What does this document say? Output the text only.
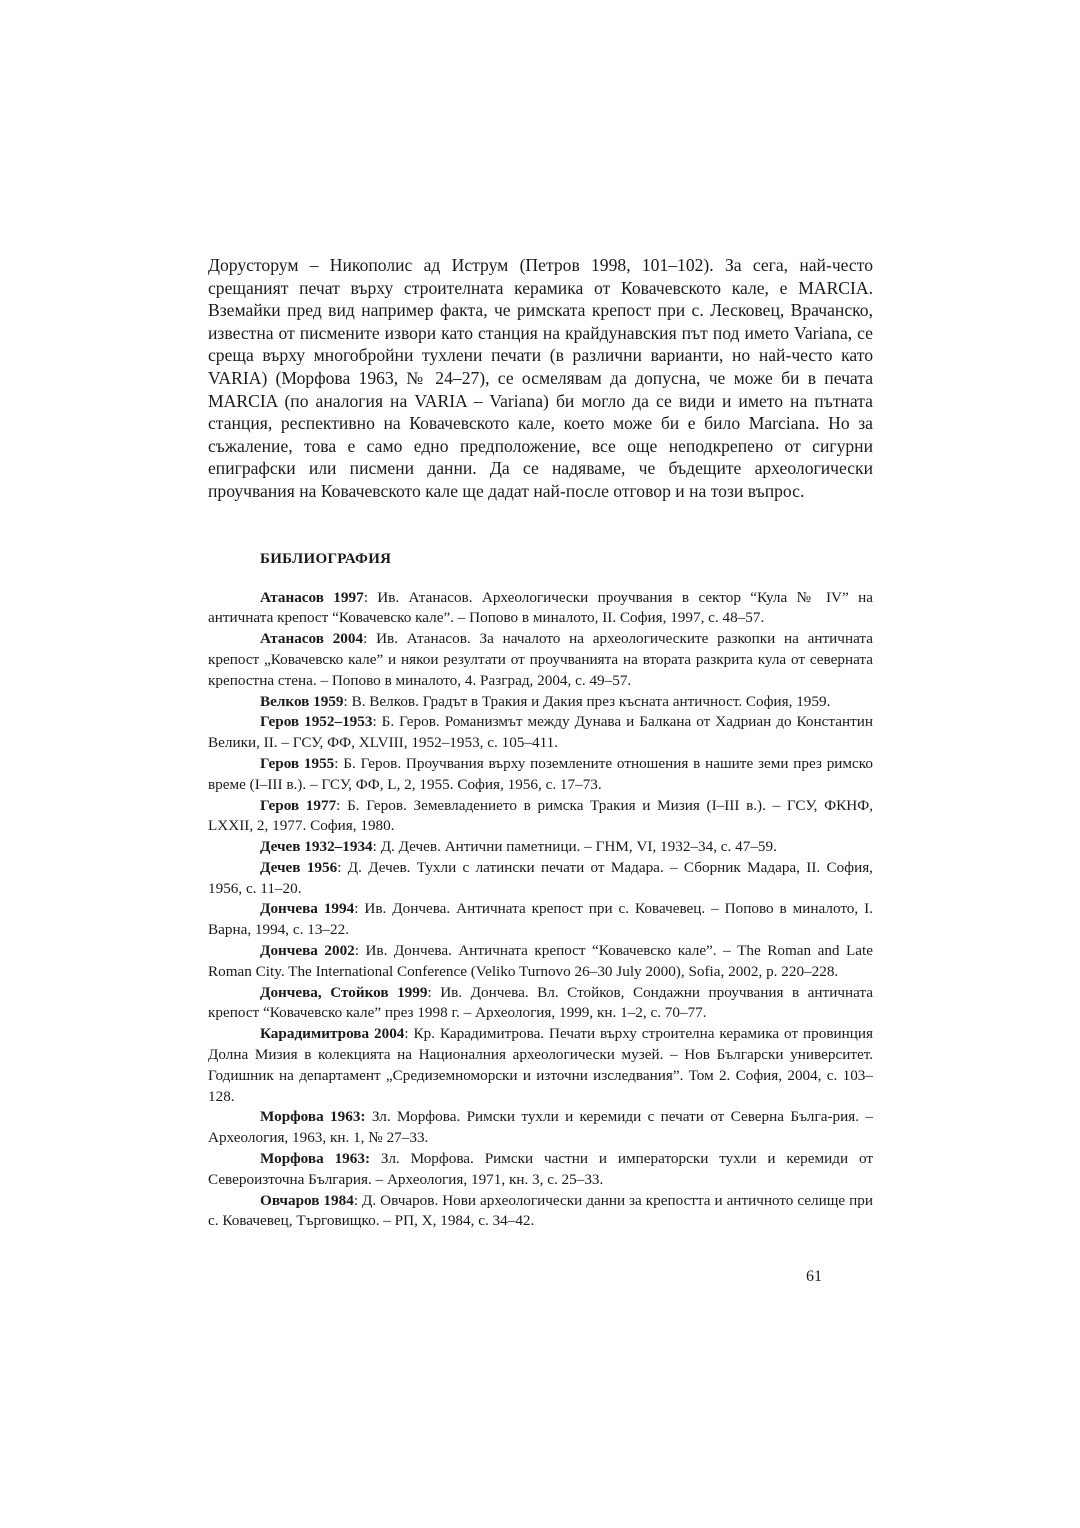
Дорусторум – Никополис ад Иструм (Петров 1998, 101–102). За сега, най-често срещаният печат върху строителната керамика от Ковачевското кале, е MARCIA. Вземайки пред вид например факта, че римската крепост при с. Лесковец, Врачанско, известна от писмените извори като станция на крайдунавския път под името Variana, се среща върху многобройни тухлени печати (в различни варианти, но най-често като VARIA) (Морфова 1963, № 24–27), се осмелявам да допусна, че може би в печата MARCIA (по аналогия на VARIA – Variana) би могло да се види и името на пътната станция, респективно на Ковачевското кале, което може би е било Marciana. Но за съжаление, това е само едно предположение, все още неподкрепено от сигурни епиграфски или писмени данни. Да се надяваме, че бъдещите археологически проучвания на Ковачевското кале ще дадат най-после отговор и на този въпрос.

БИБЛИОГРАФИЯ

Атанасов 1997: Ив. Атанасов. Археологически проучвания в сектор “Кула № IV” на античната крепост “Ковачевско кале”. – Попово в миналото, II. София, 1997, с. 48–57.

Атанасов 2004: Ив. Атанасов. За началото на археологическите разкопки на античната крепост „Ковачевско кале” и някои резултати от проучванията на втората разкрита кула от северната крепостна стена. – Попово в миналото, 4. Разград, 2004, с. 49–57.

Велков 1959: В. Велков. Градът в Тракия и Дакия през късната античност. София, 1959.

Геров 1952–1953: Б. Геров. Романизмът между Дунава и Балкана от Хадриан до Константин Велики, II. – ГСУ, ФФ, XLVIII, 1952–1953, с. 105–411.

Геров 1955: Б. Геров. Проучвания върху поземлените отношения в нашите земи през римско време (I–III в.). – ГСУ, ФФ, L, 2, 1955. София, 1956, с. 17–73.

Геров 1977: Б. Геров. Земевладението в римска Тракия и Мизия (I–III в.). – ГСУ, ФКНФ, LXXII, 2, 1977. София, 1980.

Дечев 1932–1934: Д. Дечев. Антични паметници. – ГНМ, VI, 1932–34, с. 47–59.

Дечев 1956: Д. Дечев. Тухли с латински печати от Мадара. – Сборник Мадара, II. София, 1956, с. 11–20.

Дончева 1994: Ив. Дончева. Античната крепост при с. Ковачевец. – Попово в миналото, I. Варна, 1994, с. 13–22.

Дончева 2002: Ив. Дончева. Античната крепост “Ковачевско кале”. – The Roman and Late Roman City. The International Conference (Veliko Turnovo 26–30 July 2000), Sofia, 2002, p. 220–228.

Дончева, Стойков 1999: Ив. Дончева. Вл. Стойков, Сондажни проучвания в античната крепост “Ковачевско кале” през 1998 г. – Археология, 1999, кн. 1–2, с. 70–77.

Карадимитрова 2004: Кр. Карадимитрова. Печати върху строителна керамика от провинция Долна Мизия в колекцията на Националния археологически музей. – Нов Български университет. Годишник на департамент „Средиземноморски и източни изследвания”. Том 2. София, 2004, с. 103–128.

Морфова 1963: Зл. Морфова. Римски тухли и керемиди с печати от Северна Бълга-рия. – Археология, 1963, кн. 1, № 27–33.

Морфова 1963: Зл. Морфова. Римски частни и императорски тухли и керемиди от Североизточна България. – Археология, 1971, кн. 3, с. 25–33.

Овчаров 1984: Д. Овчаров. Нови археологически данни за крепостта и античното селище при с. Ковачевец, Търговищко. – РП, X, 1984, с. 34–42.

61
